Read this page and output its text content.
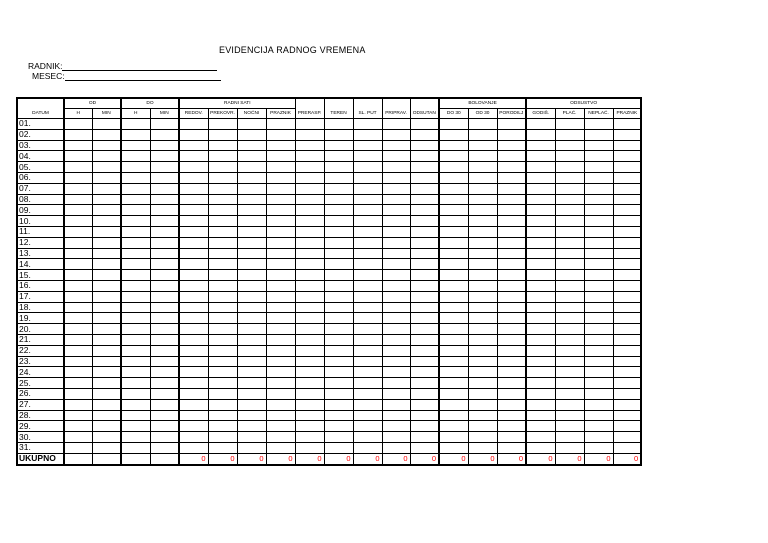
EVIDENCIJA RADNOG VREMENA
RADNIK:
MESEC:
	OD		DO		RADNI SATI									BOLOVANJE			ODSUSTVO			
DATUM	H	MIN	H	MIN	REDOV.	PREKOVR.	NOĆNI	PRAZNIK	PRERASP.	TEREN	SL. PUT	PRIPRAV.	ODSUTAN	DO 30	OD 30	PORODILJ	GODIŠ.	PLAĆ.	NEPLAĆ.	PRAZNIK
01.																				
02.																				
03.																				
04.																				
05.																				
06.																				
07.																				
08.																				
09.																				
10.																				
11.																				
12.																				
13.																				
14.																				
15.																				
16.																				
17.																				
18.																				
19.																				
20.																				
21.																				
22.																				
23.																				
24.																				
25.																				
26.																				
27.																				
28.																				
29.																				
30.																				
31.																				
UKUPNO					0	0	0	0	0	0	0	0	0	0	0	0	0	0	0	0
